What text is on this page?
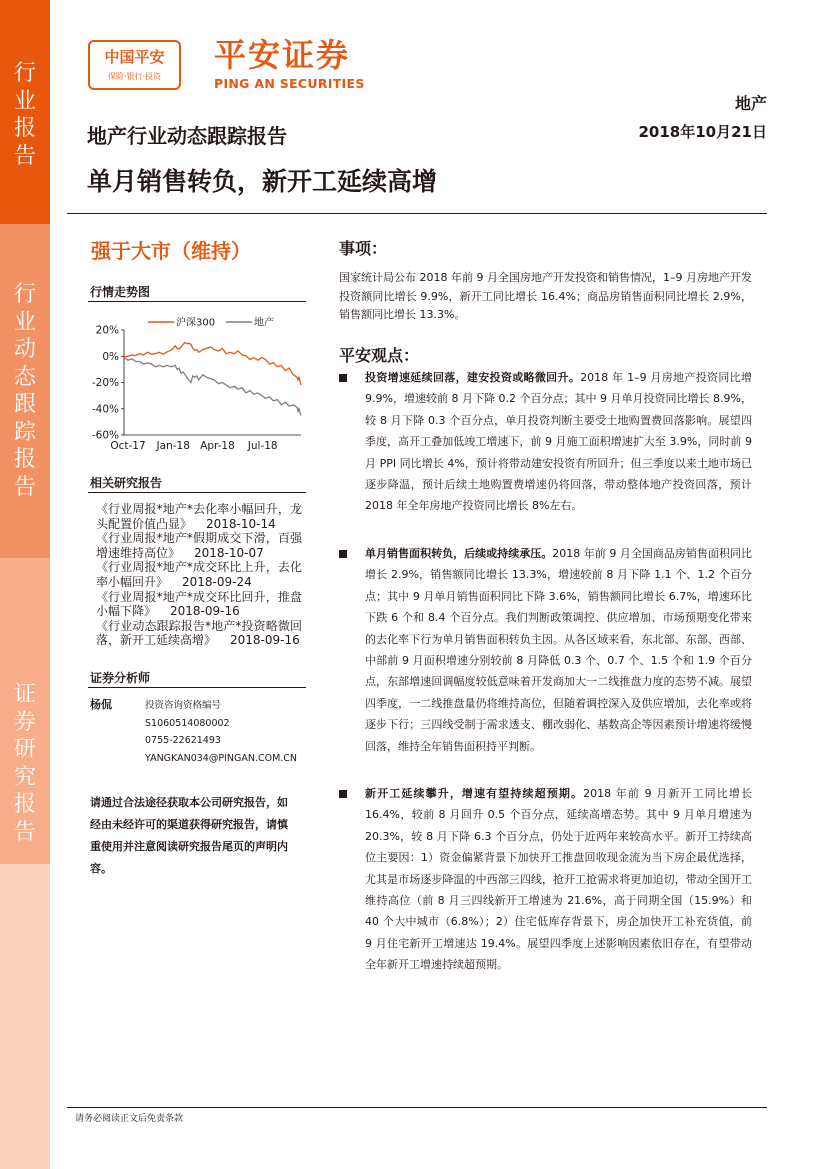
行
业
报
告
行
业
动
态
跟
踪
报
告
证
券
研
究
报
告
中国平安
保险·银行·投资
平安证券
PING AN SECURITIES
地产
地产行业动态跟踪报告	2018年10月21日
单月销售转负，新开工延续高增
强于大市（维持）
行情走势图
20%
0%
-20%
-40%
-60%
Oct-17 Jan-18 Apr-18 Jul-18
沪深300	地产
相关研究报告
《行业周报*地产*去化率小幅回升，龙头配置价值凸显》 2018-10-14
《行业周报*地产*假期成交下滑，百强增速维持高位》 2018-10-07
《行业周报*地产*成交环比上升，去化率小幅回升》 2018-09-24
《行业周报*地产*成交环比回升，推盘小幅下降》 2018-09-16
《行业动态跟踪报告*地产*投资略微回落，新开工延续高增》 2018-09-16
证券分析师
杨侃	投资咨询资格编号
S1060514080002
0755-22621493
YANGKAN034@PINGAN.COM.CN
请通过合法途径获取本公司研究报告，如经由未经许可的渠道获得研究报告，请慎重使用并注意阅读研究报告尾页的声明内容。
事项：

国家统计局公布 2018 年前 9 月全国房地产开发投资和销售情况，1–9 月房地产开发投资额同比增长 9.9%，新开工同比增长 16.4%；商品房销售面积同比增长 2.9%，销售额同比增长 13.3%。

平安观点：

投资增速延续回落，建安投资或略微回升。2018 年 1–9 月房地产投资同比增 9.9%，增速较前 8 月下降 0.2 个百分点；其中 9 月单月投资同比增长 8.9%，较 8 月下降 0.3 个百分点，单月投资判断主要受土地购置费回落影响。展望四季度，高开工叠加低竣工增速下，前 9 月施工面积增速扩大至 3.9%，同时前 9 月 PPI 同比增长 4%，预计将带动建安投资有所回升；但三季度以来土地市场已逐步降温，预计后续土地购置费增速仍将回落，带动整体地产投资回落，预计 2018 年全年房地产投资同比增长 8%左右。

单月销售面积转负，后续或持续承压。2018 年前 9 月全国商品房销售面积同比增长 2.9%，销售额同比增长 13.3%，增速较前 8 月下降 1.1 个、1.2 个百分点；其中 9 月单月销售面积同比下降 3.6%，销售额同比增长 6.7%，增速环比下跌 6 个和 8.4 个百分点。我们判断政策调控、供应增加、市场预期变化带来的去化率下行为单月销售面积转负主因。从各区域来看，东北部、东部、西部、中部前 9 月面积增速分别较前 8 月降低 0.3 个、0.7 个、1.5 个和 1.9 个百分点，东部增速回调幅度较低意味着开发商加大一二线推盘力度的态势不减。展望四季度，一二线推盘量仍将维持高位，但随着调控深入及供应增加，去化率或将逐步下行；三四线受制于需求透支、棚改弱化、基数高企等因素预计增速将缓慢回落，维持全年销售面积持平判断。

新开工延续攀升，增速有望持续超预期。2018 年前 9 月新开工同比增长 16.4%，较前 8 月回升 0.5 个百分点，延续高增态势。其中 9 月单月增速为 20.3%，较 8 月下降 6.3 个百分点，仍处于近两年来较高水平。新开工持续高位主要因：1）资金偏紧背景下加快开工推盘回收现金流为当下房企最优选择，尤其是市场逐步降温的中西部三四线，抢开工抢需求将更加迫切，带动全国开工维持高位（前 8 月三四线新开工增速为 21.6%，高于同期全国（15.9%）和 40 个大中城市（6.8%）；2）住宅低库存背景下，房企加快开工补充货值，前 9 月住宅新开工增速达 19.4%。展望四季度上述影响因素依旧存在，有望带动全年新开工增速持续超预期。

请务必阅读正文后免责条款
